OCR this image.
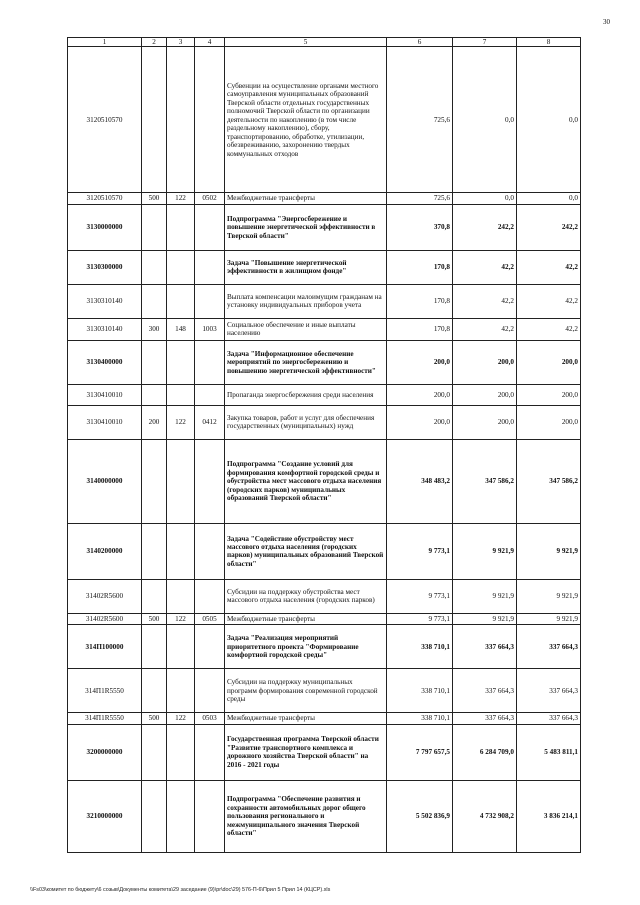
30
1	2	3	4	5	6	7	8
3120510570				Субвенции на осуществление органами местного самоуправления муниципальных образований Тверской области отдельных государственных полномочий Тверской области по организации деятельности по накоплению (в том числе раздельному накоплению), сбору, транспортированию, обработке, утилизации, обезвреживанию, захоронению твердых коммунальных отходов	725,6	0,0	0,0
3120510570	500	122	0502	Межбюджетные трансферты	725,6	0,0	0,0
3130000000				Подпрограмма "Энергосбережение и повышение энергетической эффективности в Тверской области"	370,8	242,2	242,2
3130300000				Задача "Повышение энергетической эффективности в жилищном фонде"	170,8	42,2	42,2
3130310140				Выплата компенсации малоимущим гражданам на установку индивидуальных приборов учета	170,8	42,2	42,2
3130310140	300	148	1003	Социальное обеспечение и иные выплаты населению	170,8	42,2	42,2
3130400000				Задача "Информационное обеспечение мероприятий по энергосбережению и повышению энергетической эффективности"	200,0	200,0	200,0
3130410010				Пропаганда энергосбережения среди населения	200,0	200,0	200,0
3130410010	200	122	0412	Закупка товаров, работ и услуг для обеспечения государственных (муниципальных) нужд	200,0	200,0	200,0
3140000000				Подпрограмма "Создание условий для формирования комфортной городской среды и обустройства мест массового отдыха населения (городских парков) муниципальных образований Тверской области"	348 483,2	347 586,2	347 586,2
3140200000				Задача "Содействие обустройству мест массового отдыха населения (городских парков) муниципальных образований Тверской области"	9 773,1	9 921,9	9 921,9
31402R5600				Субсидии на поддержку обустройства мест массового отдыха населения (городских парков)	9 773,1	9 921,9	9 921,9
31402R5600	500	122	0505	Межбюджетные трансферты	9 773,1	9 921,9	9 921,9
314П100000				Задача "Реализация мероприятий приоритетного проекта "Формирование комфортной городской среды"	338 710,1	337 664,3	337 664,3
314П1R5550				Субсидии на поддержку муниципальных программ формирования современной городской среды	338 710,1	337 664,3	337 664,3
314П1R5550	500	122	0503	Межбюджетные трансферты	338 710,1	337 664,3	337 664,3
3200000000				Государственная программа Тверской области "Развитие транспортного комплекса и дорожного хозяйства Тверской области" на 2016 - 2021 годы	7 797 657,5	6 284 709,0	5 483 811,1
3210000000				Подпрограмма "Обеспечение развития и сохранности автомобильных дорог общего пользования регионального и межмуниципального значения Тверской области"	5 502 836,9	4 732 908,2	3 836 214,1
\\Fs03\комитет по бюджету\6 созыв\Документы комитета\29 заседание (9)\pr\doc\29) 576-П-6\Прил 5 Прил 14 (КЦСР).xls
